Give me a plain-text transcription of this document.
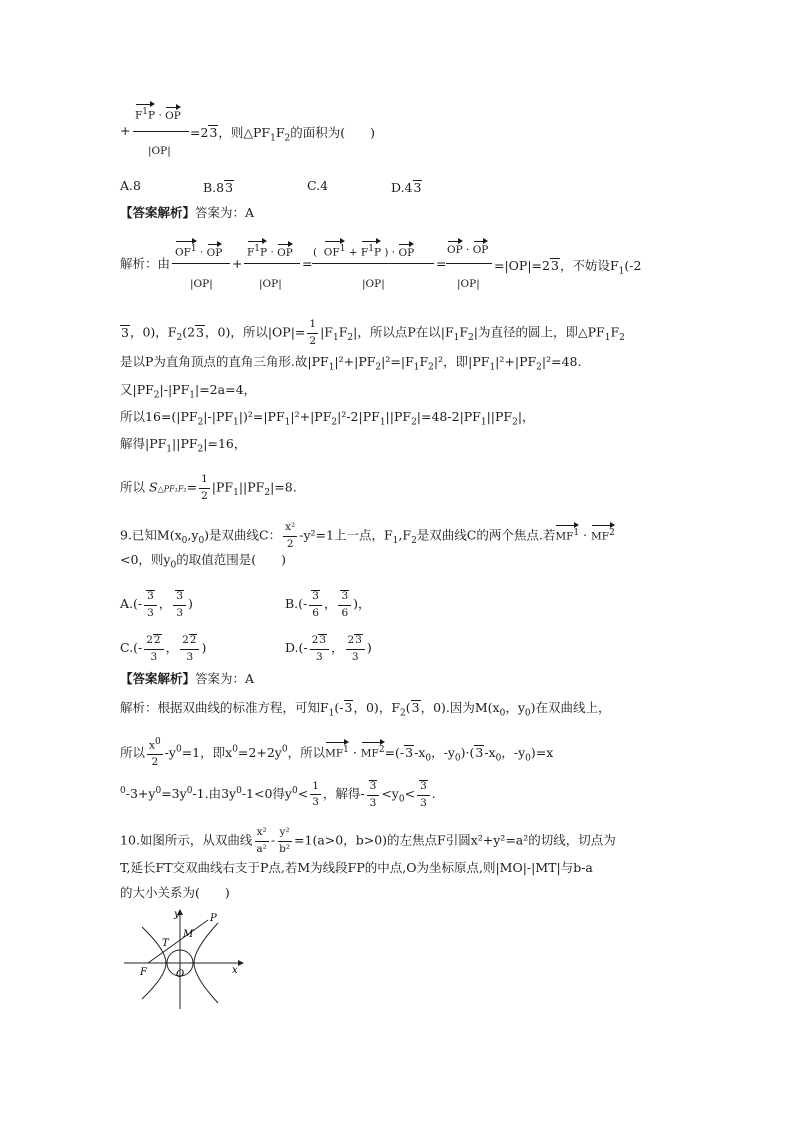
$F^1P$ · OP
+
|OP|
=23，则$\triangle PF_1F_2$的面积为(　　)
A.8	B.83	C.4	D.43
【答案解析】答案为：A
$OF^1$ · OP
|OP|
解析：由	+
$F^1P$ · OP
|OP|
=
(  $OF^1 + F^1P$ ) · OP
|OP|
=
OP · OP
|OP|
=|OP|=23，不妨设$F_1(-2$
3，0)，$F_2(23$，0)，所以$|OP|= \frac{1}{2} |F_1F_2|$，所以点P在以$|F_1F_2|$为直径的圆上，即$\triangle PF_1F_2$
是以P为直角顶点的直角三角形.故$|PF_1|^2+|PF_2|^2=|F_1F_2|^2$，即$|PF_1|^2+|PF_2|^2=48$.
又$|PF_2|-|PF_1|=2a=4$，
所以$16=(|PF_2|-|PF_1|)^2=|PF_1|^2+|PF_2|^2-2|PF_1||PF_2|=48-2|PF_1||PF_2|$，
解得$|PF_1||PF_2|=16$，
所以 S△PF₁F₂= $\frac{1}{2} |PF_1||PF_2|=8$.
9.已知$M(x_0,y_0)$是双曲线C： $\frac{\text{x²}}{2} -y^2=1$上一点，$F_1,F_2$是双曲线C的两个焦点.若$MF^1 \cdot MF^2$
<0，则$y_0$的取值范围是(　　)
$A.(- \frac{3}{3}$ ， $\frac{3}{3}$ )	$B.(- \frac{3}{6}$ ， $\frac{3}{6}$ )，
$C.(- \frac{22}{3}$ ， $\frac{22}{3}$ )	$D.(- \frac{23}{3}$ ， $\frac{23}{3}$ )
【答案解析】答案为：A
解析：根据双曲线的标准方程，可知$F_1(-3$，0)，$F_2(3$，0).因为$M(x_0$，$y_0$)在双曲线上，
所以 $\frac{x^0}{2} -y^0=1$，即$x^0=2+2y^0$，所以$MF^1 \cdot MF^2=(-3-x_0$，$-y_0)\cdot(3-x_0$，$-y_0)=x$
$^0-3+y^0=3y^0-1$.由$3y^0-1<0$得$y^0< \frac{1}{3}$ ，解得- $\frac{3}{3} <y_0< \frac{3}{3}$ .
10.如图所示，从双曲线 $\frac{\text{x²}}{\text{a²}} - \frac{\text{y²}}{\text{b²}} =1(a>0$，b>0)的左焦点F引圆x²+y²=a²的切线，切点为
T,延长FT交双曲线右支于P点,若M为线段FP的中点,O为坐标原点,则|MO|-|MT|与b-a
的大小关系为(　　)
y
x
M
T
P
F	O
